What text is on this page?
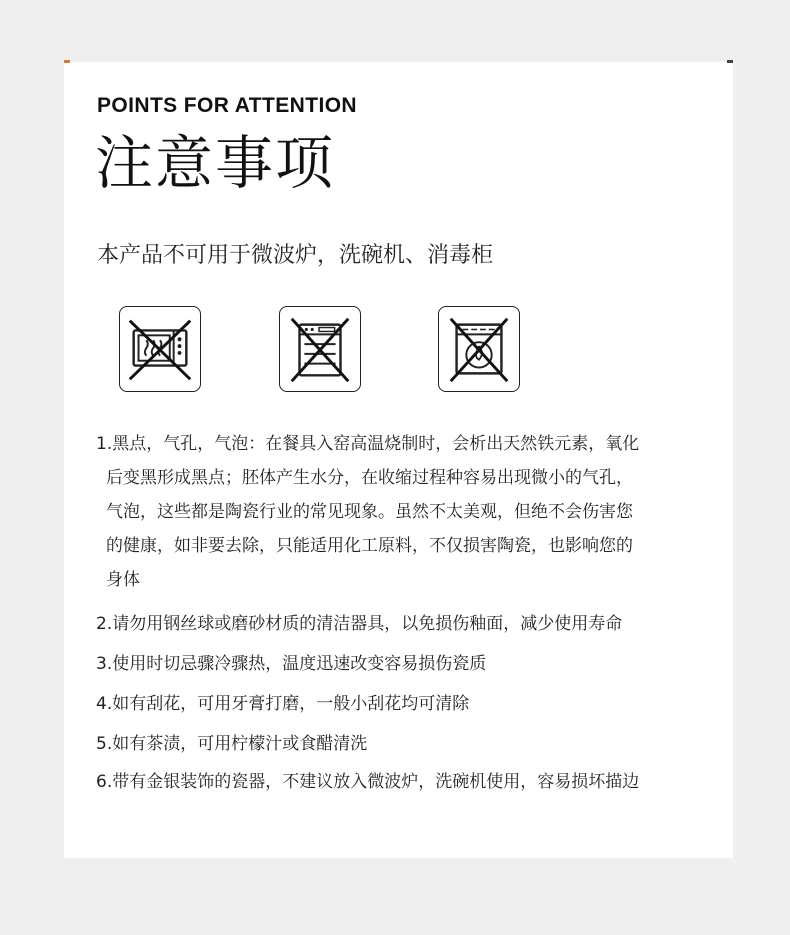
POINTS FOR ATTENTION
注意事项
本产品不可用于微波炉，洗碗机、消毒柜
1.黑点，气孔，气泡：在餐具入窑高温烧制时，会析出天然铁元素，氧化
后变黑形成黑点；胚体产生水分，在收缩过程种容易出现微小的气孔，
气泡，这些都是陶瓷行业的常见现象。虽然不太美观，但绝不会伤害您
的健康，如非要去除，只能适用化工原料，不仅损害陶瓷，也影响您的
身体
2.请勿用钢丝球或磨砂材质的清洁器具，以免损伤釉面，减少使用寿命
3.使用时切忌骤冷骤热，温度迅速改变容易损伤瓷质
4.如有刮花，可用牙膏打磨，一般小刮花均可清除
5.如有茶渍，可用柠檬汁或食醋清洗
6.带有金银装饰的瓷器，不建议放入微波炉，洗碗机使用，容易损坏描边
